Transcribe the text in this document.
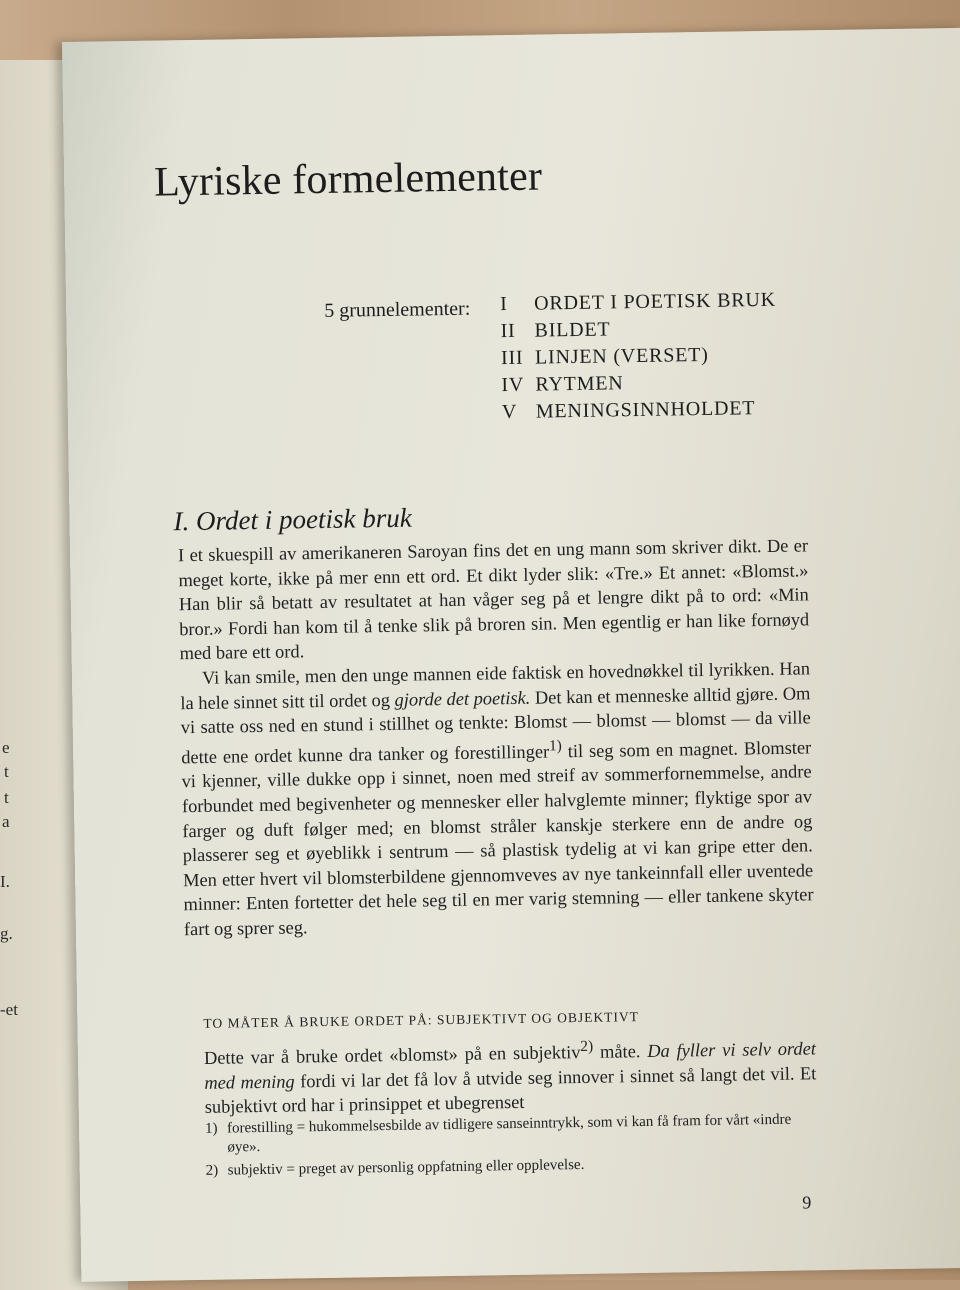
e
t
t
a
I.
g.
-et
Lyriske formelementer
5 grunnelementer: I	ORDET I POETISK BRUK
II BILDET
III LINJEN (VERSET)
IV RYTMEN
V MENINGSINNHOLDET
I. Ordet i poetisk bruk

I et skuespill av amerikaneren Saroyan fins det en ung mann som skriver dikt. De er meget korte, ikke på mer enn ett ord. Et dikt lyder slik: «Tre.» Et annet: «Blomst.» Han blir så betatt av resultatet at han våger seg på et lengre dikt på to ord: «Min bror.» Fordi han kom til å tenke slik på broren sin. Men egentlig er han like fornøyd med bare ett ord.

Vi kan smile, men den unge mannen eide faktisk en hovednøkkel til lyrikken. Han la hele sinnet sitt til ordet og gjorde det poetisk. Det kan et menneske alltid gjøre. Om vi satte oss ned en stund i stillhet og tenkte: Blomst — blomst — blomst — da ville dette ene ordet kunne dra tanker og forestillinger$^{1)}$ til seg som en magnet. Blomster vi kjenner, ville dukke opp i sinnet, noen med streif av sommerfornemmelse, andre forbundet med begivenheter og mennesker eller halvglemte minner; flyktige spor av farger og duft følger med; en blomst stråler kanskje sterkere enn de andre og plasserer seg et øyeblikk i sentrum — så plastisk tydelig at vi kan gripe etter den. Men etter hvert vil blomsterbildene gjennomveves av nye tankeinnfall eller uventede minner: Enten fortetter det hele seg til en mer varig stemning — eller tankene skyter fart og sprer seg.

TO MÅTER Å BRUKE ORDET PÅ: SUBJEKTIVT OG OBJEKTIVT
Dette var å bruke ordet «blomst» på en subjektiv$^{2)}$ måte. Da fyller vi selv ordet med mening fordi vi lar det få lov å utvide seg innover i sinnet så langt det vil. Et subjektivt ord har i prinsippet et ubegrenset
1) forestilling = hukommelsesbilde av tidligere sanseinntrykk, som vi kan få fram for vårt «indre øye».
2) subjektiv = preget av personlig oppfatning eller opplevelse.
9
